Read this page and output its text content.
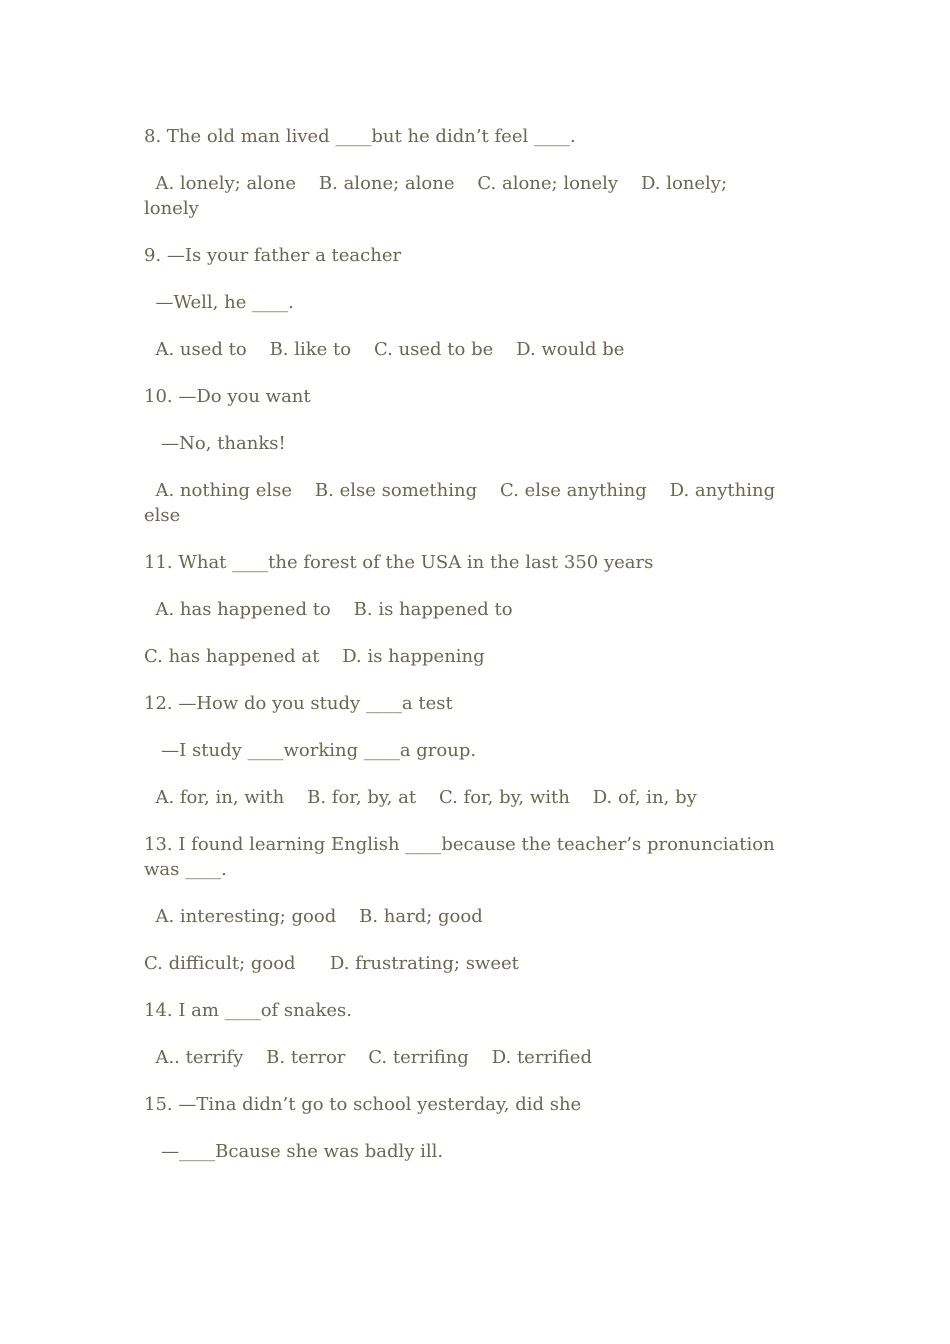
8. The old man lived ____but he didn’t feel ____.

A. lonely; alone    B. alone; alone    C. alone; lonely    D. lonely; lonely

9. —Is your father a teacher

—Well, he ____.

A. used to    B. like to    C. used to be    D. would be

10. —Do you want

—No, thanks!

A. nothing else    B. else something    C. else anything    D. anything else

11. What ____the forest of the USA in the last 350 years

A. has happened to    B. is happened to

C. has happened at    D. is happening

12. —How do you study ____a test

—I study ____working ____a group.

A. for, in, with    B. for, by, at    C. for, by, with    D. of, in, by

13. I found learning English ____because the teacher’s pronunciation was ____.

A. interesting; good    B. hard; good

C. difficult; good      D. frustrating; sweet

14. I am ____of snakes.

A.. terrify    B. terror    C. terrifing    D. terrified

15. —Tina didn’t go to school yesterday, did she

—____Bcause she was badly ill.
